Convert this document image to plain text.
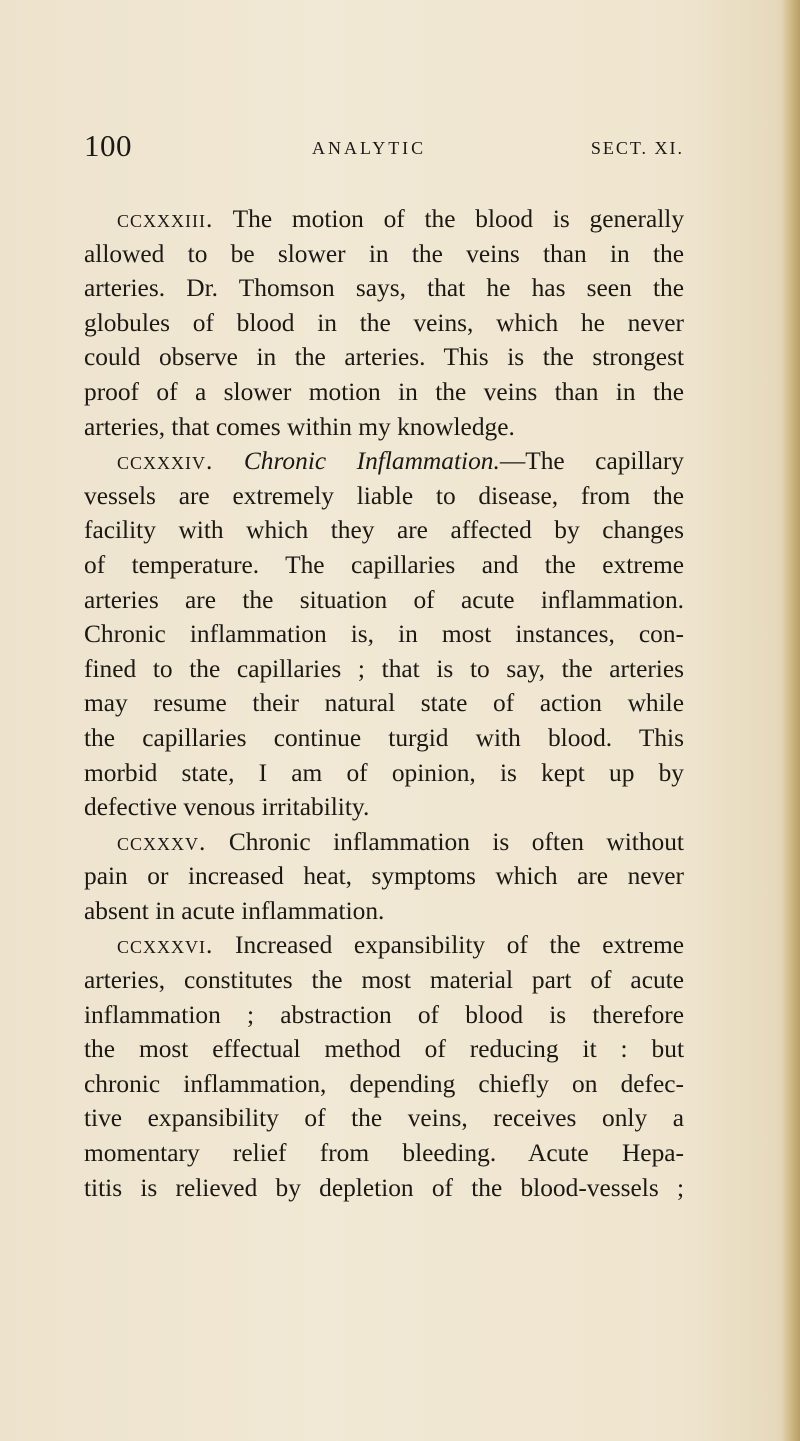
100	ANALYTIC	SECT. XI.
ccxxxiii. The motion of the blood is generally
allowed to be slower in the veins than in the
arteries. Dr. Thomson says, that he has seen the
globules of blood in the veins, which he never
could observe in the arteries. This is the strongest
proof of a slower motion in the veins than in the
arteries, that comes within my knowledge.
ccxxxiv. Chronic Inflammation.—The capillary
vessels are extremely liable to disease, from the
facility with which they are affected by changes
of temperature. The capillaries and the extreme
arteries are the situation of acute inflammation.
Chronic inflammation is, in most instances, con-
fined to the capillaries ; that is to say, the arteries
may resume their natural state of action while
the capillaries continue turgid with blood. This
morbid state, I am of opinion, is kept up by
defective venous irritability.
ccxxxv. Chronic inflammation is often without
pain or increased heat, symptoms which are never
absent in acute inflammation.
ccxxxvi. Increased expansibility of the extreme
arteries, constitutes the most material part of acute
inflammation ; abstraction of blood is therefore
the most effectual method of reducing it : but
chronic inflammation, depending chiefly on defec-
tive expansibility of the veins, receives only a
momentary relief from bleeding. Acute Hepa-
titis is relieved by depletion of the blood-vessels ;
